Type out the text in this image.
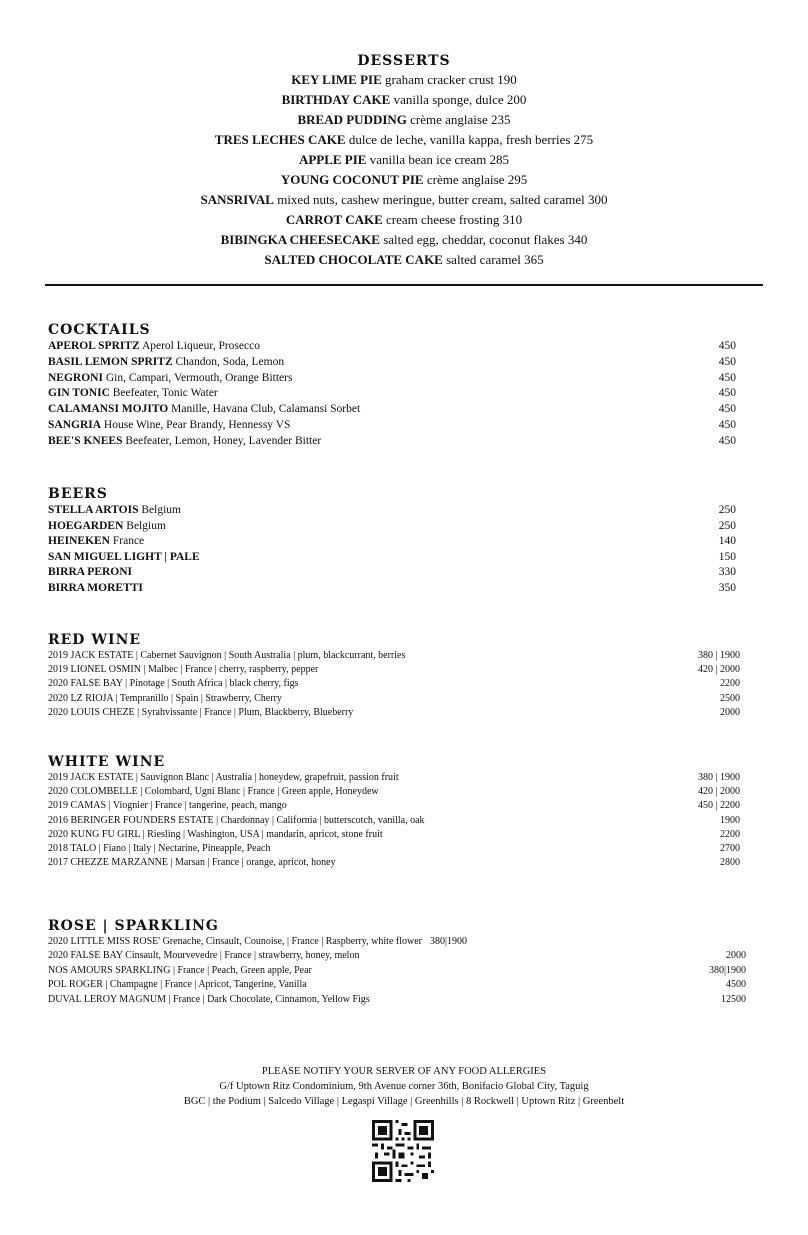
DESSERTS
KEY LIME PIE graham cracker crust 190
BIRTHDAY CAKE vanilla sponge, dulce 200
BREAD PUDDING crème anglaise 235
TRES LECHES CAKE dulce de leche, vanilla kappa, fresh berries 275
APPLE PIE vanilla bean ice cream 285
YOUNG COCONUT PIE crème anglaise 295
SANSRIVAL mixed nuts, cashew meringue, butter cream, salted caramel 300
CARROT CAKE cream cheese frosting 310
BIBINGKA CHEESECAKE salted egg, cheddar, coconut flakes 340
SALTED CHOCOLATE CAKE salted caramel 365
COCKTAILS
APEROL SPRITZ Aperol Liqueur, Prosecco	450
BASIL LEMON SPRITZ Chandon, Soda, Lemon	450
NEGRONI Gin, Campari, Vermouth, Orange Bitters	450
GIN TONIC Beefeater, Tonic Water	450
CALAMANSI MOJITO Manille, Havana Club, Calamansi Sorbet	450
SANGRIA House Wine, Pear Brandy, Hennessy VS	450
BEE'S KNEES Beefeater, Lemon, Honey, Lavender Bitter	450
BEERS
STELLA ARTOIS Belgium	250
HOEGARDEN Belgium	250
HEINEKEN France	140
SAN MIGUEL LIGHT | PALE	150
BIRRA PERONI	330
BIRRA MORETTI	350
RED WINE
2019 JACK ESTATE | Cabernet Sauvignon | South Australia | plum, blackcurrant, berries	380 | 1900
2019 LIONEL OSMIN | Malbec | France | cherry, raspberry, pepper	420 | 2000
2020 FALSE BAY | Pinotage | South Africa | black cherry, figs	2200
2020 LZ RIOJA | Tempranillo | Spain | Strawberry, Cherry	2500
2020 LOUIS CHEZE | Syrahvissante | France | Plum, Blackberry, Blueberry	2000
WHITE WINE
2019 JACK ESTATE | Sauvignon Blanc | Australia | honeydew, grapefruit, passion fruit	380 | 1900
2020 COLOMBELLE | Colombard, Ugni Blanc | France | Green apple, Honeydew	420 | 2000
2019 CAMAS | Viognier | France | tangerine, peach, mango	450 | 2200
2016 BERINGER FOUNDERS ESTATE | Chardonnay | California | butterscotch, vanilla, oak	1900
2020 KUNG FU GIRL | Riesling | Washington, USA | mandarin, apricot, stone fruit	2200
2018 TALO | Fiano | Italy | Nectarine, Pineapple, Peach	2700
2017 CHEZZE MARZANNE | Marsan | France | orange, apricot, honey	2800
ROSE | SPARKLING
2020 LITTLE MISS ROSE' Grenache, Cinsault, Counoise, | France | Raspberry, white flower 380|1900
2020 FALSE BAY Cinsault, Mourvevedre | France | strawberry, honey, melon	2000
NOS AMOURS SPARKLING | France | Peach, Green apple, Pear	380|1900
POL ROGER | Champagne | France | Apricot, Tangerine, Vanilla	4500
DUVAL LEROY MAGNUM | France | Dark Chocolate, Cinnamon, Yellow Figs	12500
PLEASE NOTIFY YOUR SERVER OF ANY FOOD ALLERGIES
G/f Uptown Ritz Condominium, 9th Avenue corner 36th, Bonifacio Global City, Taguig
BGC | the Podium | Salcedo Village | Legaspi Village | Greenhills | 8 Rockwell | Uptown Ritz | Greenbelt
